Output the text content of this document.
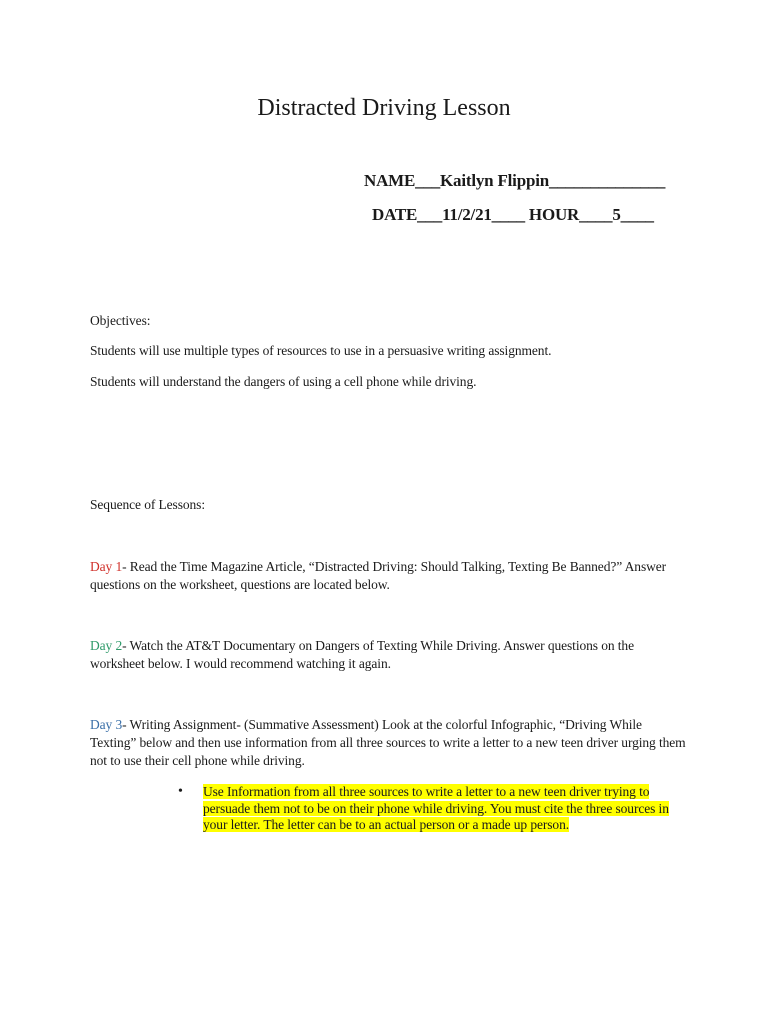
Distracted Driving Lesson
NAME___Kaitlyn Flippin______________
DATE___11/2/21____ HOUR____5____

Objectives:

Students will use multiple types of resources to use in a persuasive writing assignment.

Students will understand the dangers of using a cell phone while driving.

Sequence of Lessons:

Day 1- Read the Time Magazine Article, “Distracted Driving: Should Talking, Texting Be Banned?” Answer questions on the worksheet, questions are located below.

Day 2- Watch the AT&T Documentary on Dangers of Texting While Driving. Answer questions on the worksheet below. I would recommend watching it again.

Day 3- Writing Assignment- (Summative Assessment) Look at the colorful Infographic, “Driving While Texting” below and then use information from all three sources to write a letter to a new teen driver urging them not to use their cell phone while driving.

• Use Information from all three sources to write a letter to a new teen driver trying to persuade them not to be on their phone while driving. You must cite the three sources in your letter. The letter can be to an actual person or a made up person.
